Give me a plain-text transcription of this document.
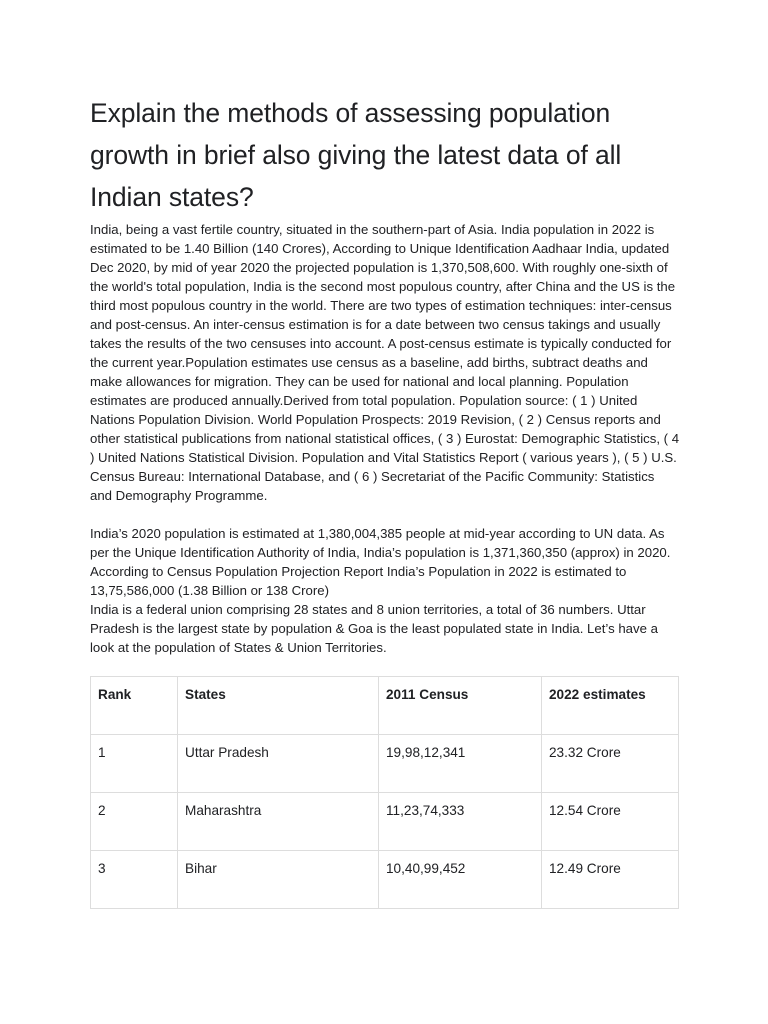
Explain the methods of assessing population growth in brief also giving the latest data of all Indian states?

India, being a vast fertile country, situated in the southern-part of Asia. India population in 2022 is estimated to be 1.40 Billion (140 Crores), According to Unique Identification Aadhaar India, updated Dec 2020, by mid of year 2020 the projected population is 1,370,508,600. With roughly one-sixth of the world's total population, India is the second most populous country, after China and the US is the third most populous country in the world. There are two types of estimation techniques: inter-census and post-census. An inter-census estimation is for a date between two census takings and usually takes the results of the two censuses into account. A post-census estimate is typically conducted for the current year.Population estimates use census as a baseline, add births, subtract deaths and make allowances for migration. They can be used for national and local planning. Population estimates are produced annually.Derived from total population. Population source: ( 1 ) United Nations Population Division. World Population Prospects: 2019 Revision, ( 2 ) Census reports and other statistical publications from national statistical offices, ( 3 ) Eurostat: Demographic Statistics, ( 4 ) United Nations Statistical Division. Population and Vital Statistics Report ( various years ), ( 5 ) U.S. Census Bureau: International Database, and ( 6 ) Secretariat of the Pacific Community: Statistics and Demography Programme.

India’s 2020 population is estimated at 1,380,004,385 people at mid-year according to UN data. As per the Unique Identification Authority of India, India’s population is 1,371,360,350 (approx) in 2020.  According to Census Population Projection Report India’s Population in 2022 is estimated to 13,75,586,000 (1.38 Billion or 138 Crore)

India is a federal union comprising 28 states and 8 union territories, a total of 36 numbers. Uttar Pradesh is the largest state by population & Goa is the least populated state in India. Let’s have a look at the population of States & Union Territories.

Rank	States	2011 Census	2022 estimates
1	Uttar Pradesh	19,98,12,341	23.32 Crore
2	Maharashtra	11,23,74,333	12.54 Crore
3	Bihar	10,40,99,452	12.49 Crore
